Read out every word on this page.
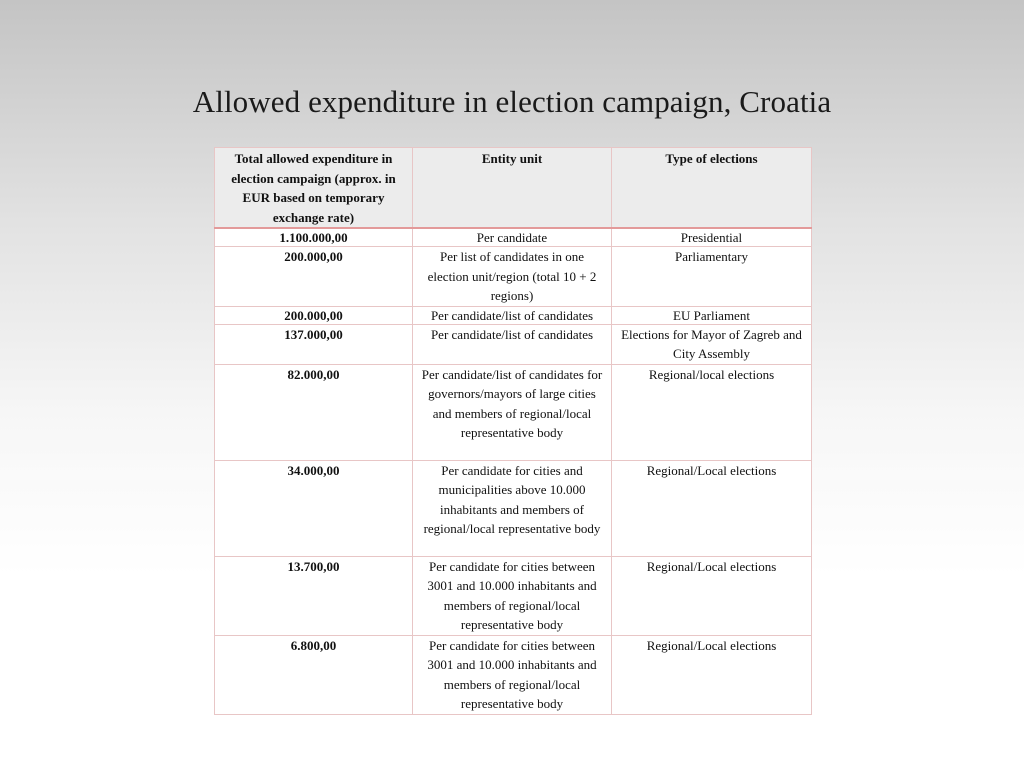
Allowed expenditure in election campaign, Croatia
Total allowed expenditure in election campaign (approx. in EUR based on temporary exchange rate)	Entity unit	Type of elections
1.100.000,00	Per candidate	Presidential
200.000,00	Per list of candidates in one election unit/region (total 10 + 2 regions)	Parliamentary
200.000,00	Per candidate/list of candidates	EU Parliament
137.000,00	Per candidate/list of candidates	Elections for Mayor of Zagreb and City Assembly
82.000,00	Per candidate/list of candidates for governors/mayors of large cities and members of regional/local representative body	Regional/local elections
34.000,00	Per candidate for cities and municipalities above 10.000 inhabitants and members of regional/local representative body	Regional/Local elections
13.700,00	Per candidate for cities between 3001 and 10.000 inhabitants and members of regional/local representative body	Regional/Local elections
6.800,00	Per candidate for cities between 3001 and 10.000 inhabitants and members of regional/local representative body	Regional/Local elections
